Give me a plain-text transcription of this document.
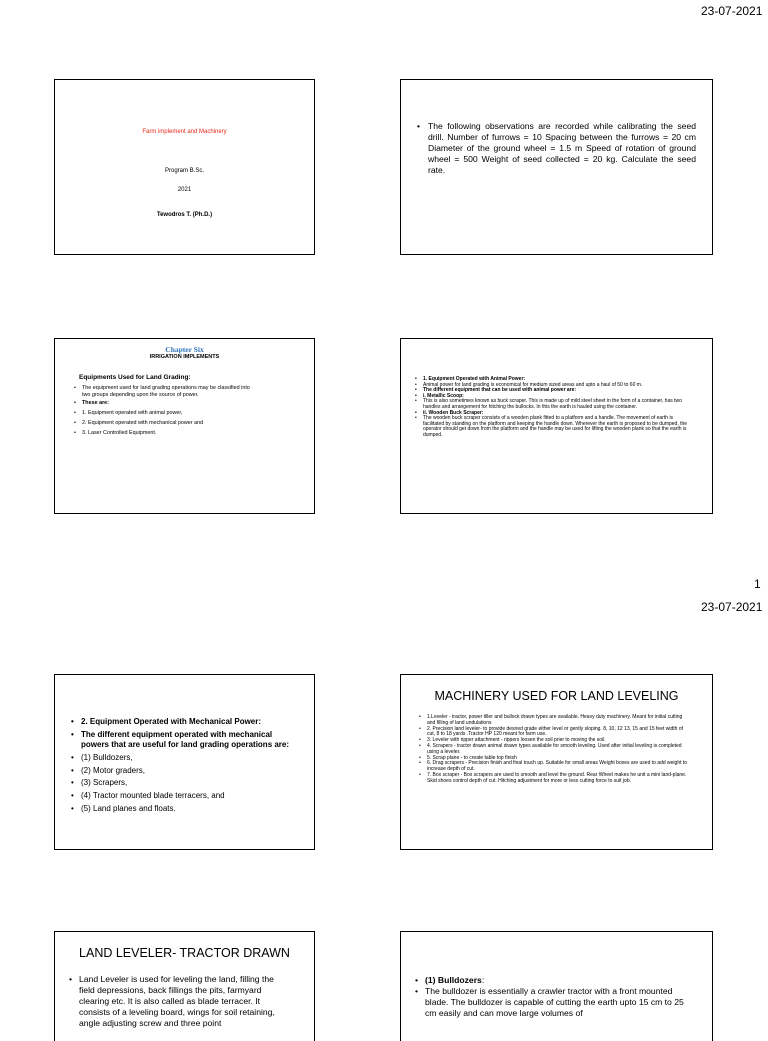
23-07-2021
Farm implement and Machinery
Program B.Sc.
2021
Tewodros T. (Ph.D.)
• The following observations are recorded while calibrating the seed drill. Number of furrows = 10 Spacing between the furrows = 20 cm Diameter of the ground wheel = 1.5 m Speed of rotation of ground wheel = 500 Weight of seed collected = 20 kg. Calculate the seed rate.
Chapter Six
IRRIGATION IMPLEMENTS
Equipments Used for Land Grading:
• The equipment used for land grading operations may be classified into two groups depending upon the source of power.
• These are:
• 1. Equipment operated with animal power,
• 2. Equipment operated with mechanical power and
• 3. Laser Controlled Equipment.
• 1. Equipment Operated with Animal Power:
• Animal power for land grading is economical for medium sized areas and upto a haul of 50 to 60 m.
• The different equipment that can be used with animal power are:
• i. Metallic Scoop:
• This is also sometimes known as buck scraper. This is made up of mild steel sheet in the form of a container, has two handles and arrangement for hitching the bullocks. In this the earth is hauled using the container.
• ii. Wooden Buck Scraper:
• The wooden buck scraper consists of a wooden plank fitted to a platform and a handle. The movement of earth is facilitated by standing on the platform and keeping the handle down. Wherever the earth is proposed to be dumped, the operator should get down from the platform and the handle may be used for lifting the wooden plank so that the earth is dumped.
1
23-07-2021
• 2. Equipment Operated with Mechanical Power:
• The different equipment operated with mechanical powers that are useful for land grading operations are:
• (1) Bulldozers,
• (2) Motor graders,
• (3) Scrapers,
• (4) Tractor mounted blade terracers, and
• (5) Land planes and floats.
MACHINERY USED FOR LAND LEVELING
• 1.Leveler - tractor, power tiller and bullock drawn types are available. Heavy duty machinery. Meant for initial cutting and filling of land undulations
• 2. Precision land leveler- to provide desired grade either level or gently sloping. 8, 10, 12 13, 15 and 15 feet width of cut, 8 to 18 yards .Tractor HP 120 meant for farm use.
• 3. Leveler with ripper attachment - rippers loosen the soil prier to moving the soil.
• 4. Scrapers - tractor drawn animal drawn types available for smooth leveling. Used after initial leveling is completed using a leveler.
• 5. Scrap plane - to create table top finish
• 6. Drag scrapers - Precision finish and final touch up. Suitable for small areas Weight boxes are used to add weight to increase depth of cut.
• 7. Box scraper - Box scrapers are used to smooth and level the ground. Rear Wheel makes he unit a mini land-plane. Skid shoes control depth of cut. Hitching adjustment for more or less cutting force to suit job.
LAND LEVELER- TRACTOR DRAWN
• Land Leveler is used for leveling the land, filling the field depressions, back fillings the pits, farmyard clearing etc. It is also called as blade terracer. It consists of a leveling board, wings for soil retaining, angle adjusting screw and three point
• (1) Bulldozers:
• The bulldozer is essentially a crawler tractor with a front mounted blade. The bulldozer is capable of cutting the earth upto 15 cm to 25 cm easily and can move large volumes of
